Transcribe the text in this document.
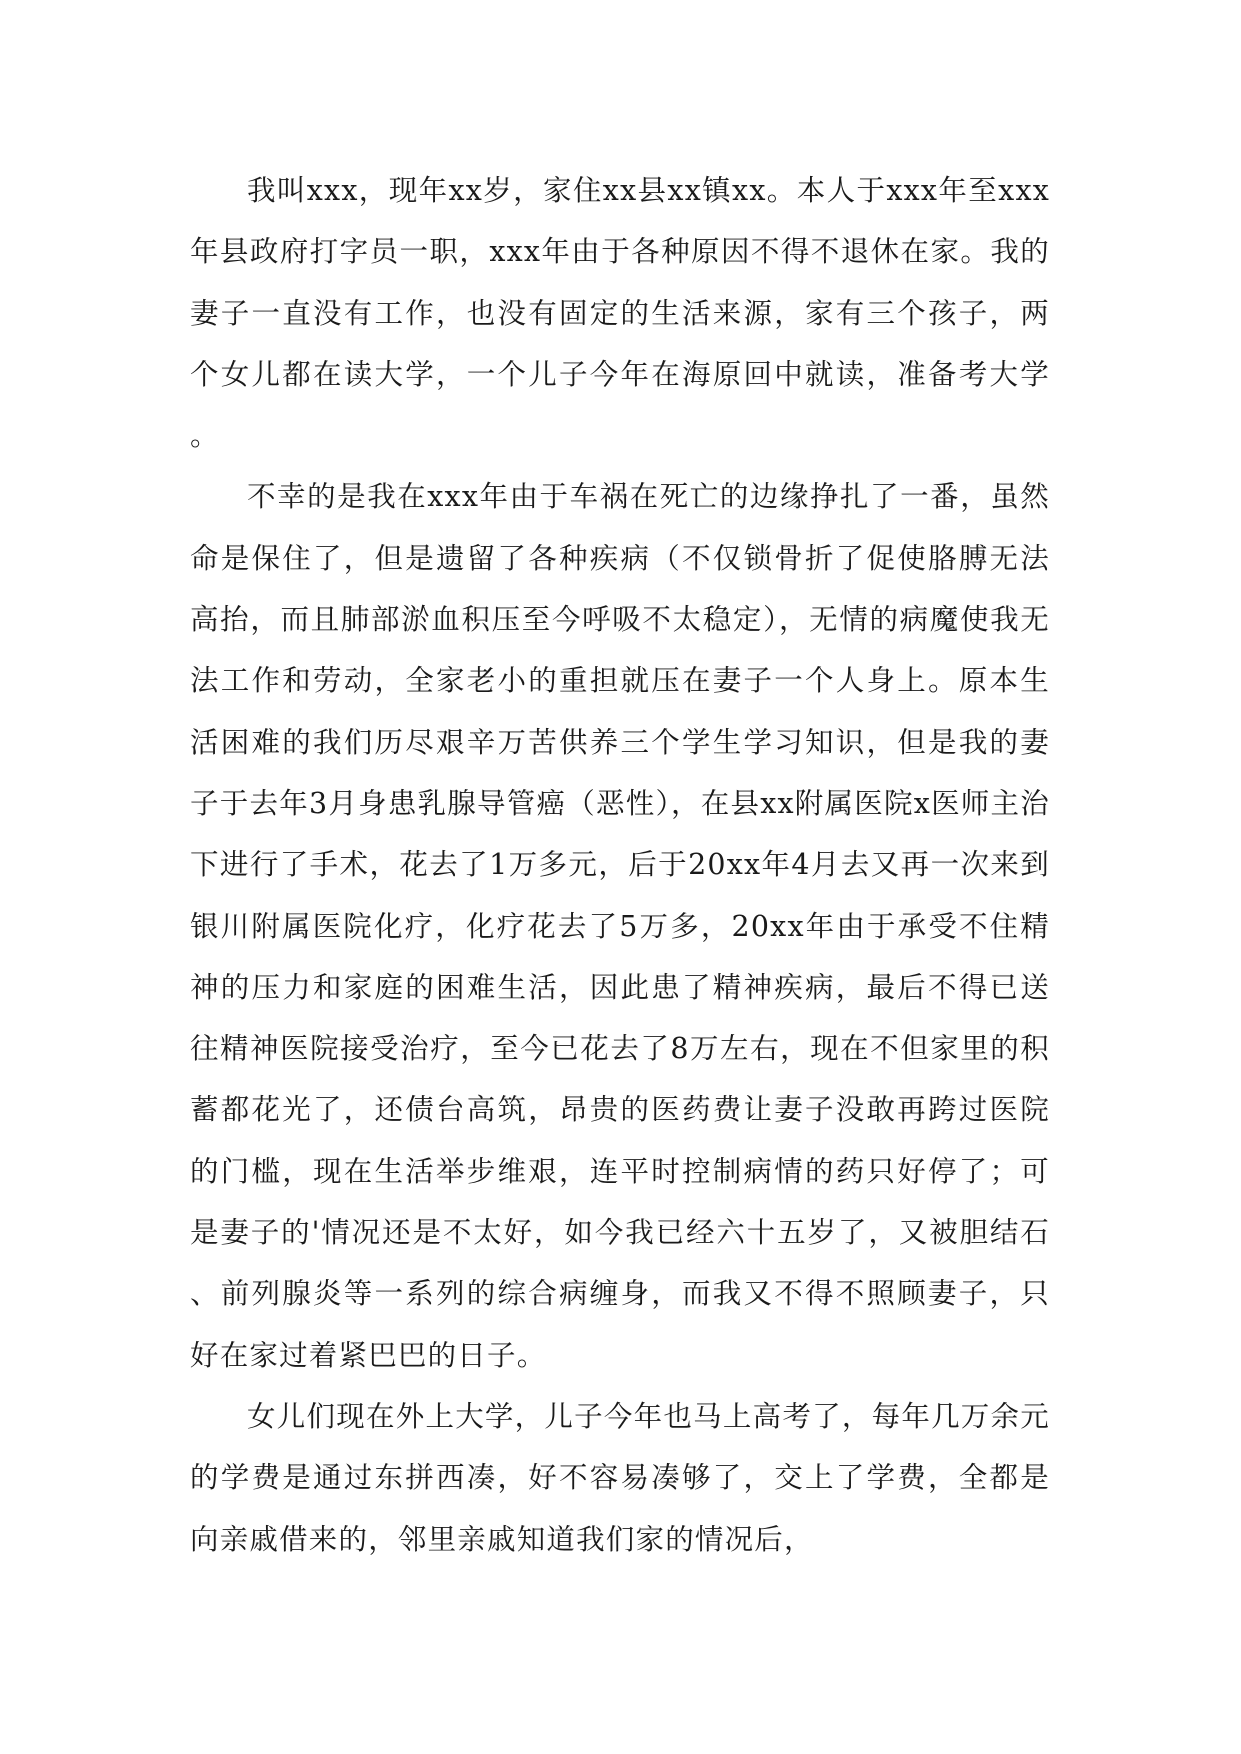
我叫xxx，现年xx岁，家住xx县xx镇xx。本人于xxx年至xxx年县政府打字员一职，xxx年由于各种原因不得不退休在家。我的妻子一直没有工作，也没有固定的生活来源，家有三个孩子，两个女儿都在读大学，一个儿子今年在海原回中就读，准备考大学。

不幸的是我在xxx年由于车祸在死亡的边缘挣扎了一番，虽然命是保住了，但是遗留了各种疾病（不仅锁骨折了促使胳膊无法高抬，而且肺部淤血积压至今呼吸不太稳定），无情的病魔使我无法工作和劳动，全家老小的重担就压在妻子一个人身上。原本生活困难的我们历尽艰辛万苦供养三个学生学习知识，但是我的妻子于去年3月身患乳腺导管癌（恶性），在县xx附属医院x医师主治下进行了手术，花去了1万多元，后于20xx年4月去又再一次来到银川附属医院化疗，化疗花去了5万多，20xx年由于承受不住精神的压力和家庭的困难生活，因此患了精神疾病，最后不得已送往精神医院接受治疗，至今已花去了8万左右，现在不但家里的积蓄都花光了，还债台高筑，昂贵的医药费让妻子没敢再跨过医院的门槛，现在生活举步维艰，连平时控制病情的药只好停了；可是妻子的'情况还是不太好，如今我已经六十五岁了，又被胆结石、前列腺炎等一系列的综合病缠身，而我又不得不照顾妻子，只好在家过着紧巴巴的日子。

女儿们现在外上大学，儿子今年也马上高考了，每年几万余元的学费是通过东拼西凑，好不容易凑够了，交上了学费，全都是向亲戚借来的，邻里亲戚知道我们家的情况后，
